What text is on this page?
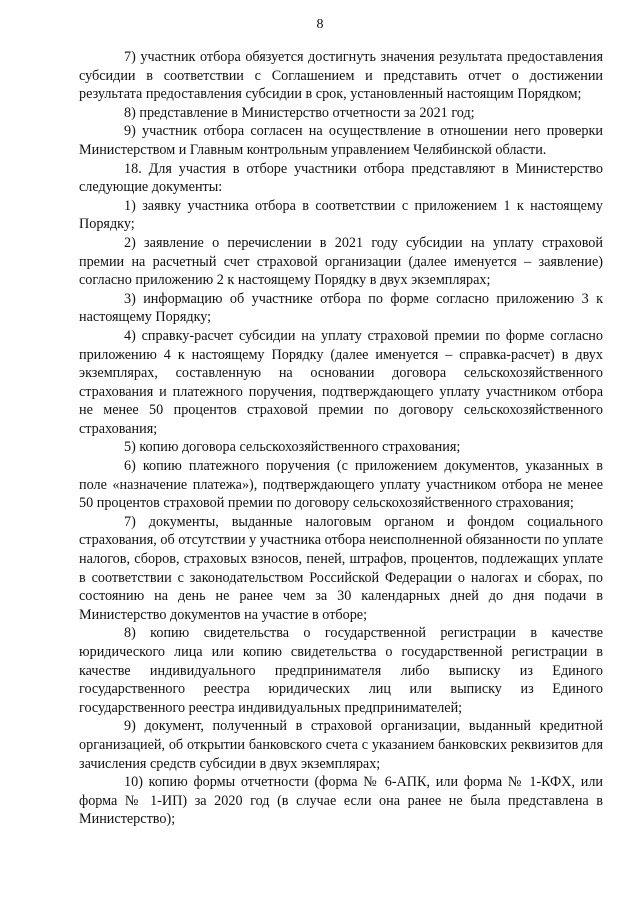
8

7) участник отбора обязуется достигнуть значения результата предоставления субсидии в соответствии с Соглашением и представить отчет о достижении результата предоставления субсидии в срок, установленный настоящим Порядком;

8) представление в Министерство отчетности за 2021 год;

9) участник отбора согласен на осуществление в отношении него проверки Министерством и Главным контрольным управлением Челябинской области.

18. Для участия в отборе участники отбора представляют в Министерство следующие документы:

1) заявку участника отбора в соответствии с приложением 1 к настоящему Порядку;

2) заявление о перечислении в 2021 году субсидии на уплату страховой премии на расчетный счет страховой организации (далее именуется – заявление) согласно приложению 2 к настоящему Порядку в двух экземплярах;

3) информацию об участнике отбора по форме согласно приложению 3 к настоящему Порядку;

4) справку-расчет субсидии на уплату страховой премии по форме согласно приложению 4 к настоящему Порядку (далее именуется – справка-расчет) в двух экземплярах, составленную на основании договора сельскохозяйственного страхования и платежного поручения, подтверждающего уплату участником отбора не менее 50 процентов страховой премии по договору сельскохозяйственного страхования;

5) копию договора сельскохозяйственного страхования;

6) копию платежного поручения (с приложением документов, указанных в поле «назначение платежа»), подтверждающего уплату участником отбора не менее 50 процентов страховой премии по договору сельскохозяйственного страхования;

7) документы, выданные налоговым органом и фондом социального страхования, об отсутствии у участника отбора неисполненной обязанности по уплате налогов, сборов, страховых взносов, пеней, штрафов, процентов, подлежащих уплате в соответствии с законодательством Российской Федерации о налогах и сборах, по состоянию на день не ранее чем за 30 календарных дней до дня подачи в Министерство документов на участие в отборе;

8) копию свидетельства о государственной регистрации в качестве юридического лица или копию свидетельства о государственной регистрации в качестве индивидуального предпринимателя либо выписку из Единого государственного реестра юридических лиц или выписку из Единого государственного реестра индивидуальных предпринимателей;

9) документ, полученный в страховой организации, выданный кредитной организацией, об открытии банковского счета с указанием банковских реквизитов для зачисления средств субсидии в двух экземплярах;

10) копию формы отчетности (форма № 6-АПК, или форма № 1-КФХ, или форма № 1-ИП) за 2020 год (в случае если она ранее не была представлена в Министерство);
